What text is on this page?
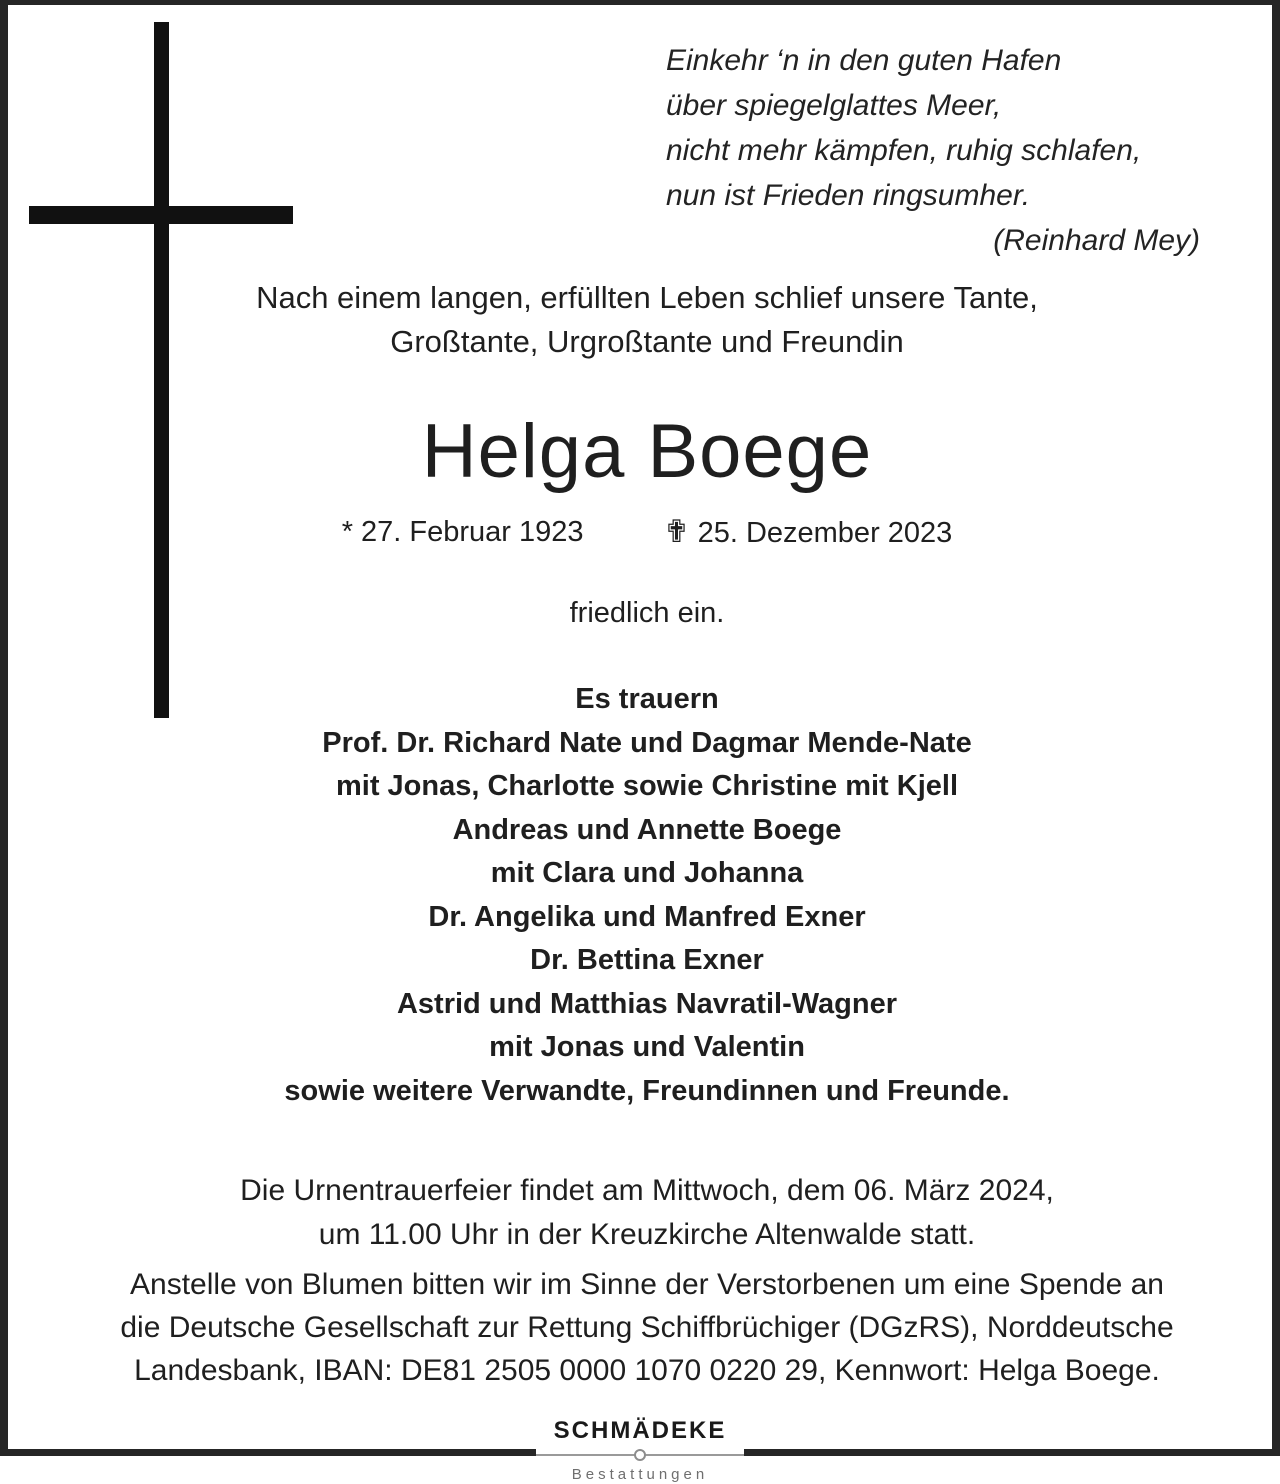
Einkehr ‘n in den guten Hafen
über spiegelglattes Meer,
nicht mehr kämpfen, ruhig schlafen,
nun ist Frieden ringsumher.
(Reinhard Mey)
Nach einem langen, erfüllten Leben schlief unsere Tante,
Großtante, Urgroßtante und Freundin
Helga Boege
* 27. Februar 1923	✟ 25. Dezember 2023
friedlich ein.
Es trauern
Prof. Dr. Richard Nate und Dagmar Mende-Nate
mit Jonas, Charlotte sowie Christine mit Kjell
Andreas und Annette Boege
mit Clara und Johanna
Dr. Angelika und Manfred Exner
Dr. Bettina Exner
Astrid und Matthias Navratil-Wagner
mit Jonas und Valentin
sowie weitere Verwandte, Freundinnen und Freunde.
Die Urnentrauerfeier findet am Mittwoch, dem 06. März 2024,
um 11.00 Uhr in der Kreuzkirche Altenwalde statt.
Anstelle von Blumen bitten wir im Sinne der Verstorbenen um eine Spende an
die Deutsche Gesellschaft zur Rettung Schiffbrüchiger (DGzRS), Norddeutsche
Landesbank, IBAN: DE81 2505 0000 1070 0220 29, Kennwort: Helga Boege.
SCHMÄDEKE
Bestattungen
